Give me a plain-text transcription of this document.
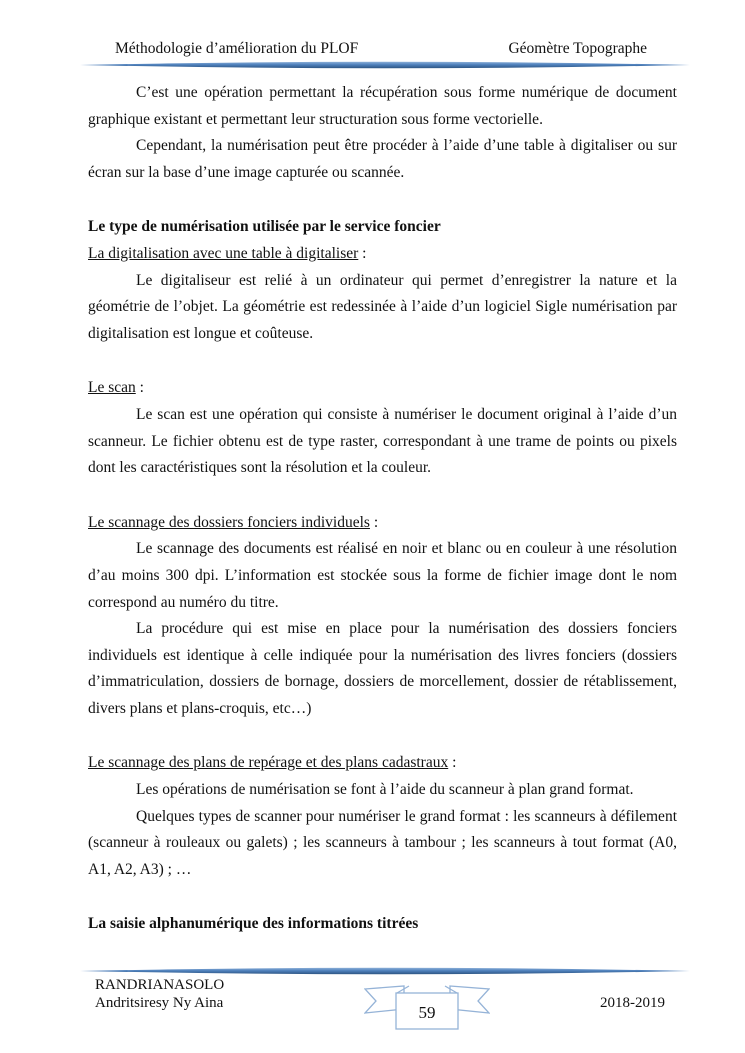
Méthodologie d’amélioration du PLOF	Géomètre Topographe

C’est une opération permettant la récupération sous forme numérique de document graphique existant et permettant leur structuration sous forme vectorielle.

Cependant, la numérisation peut être procéder à l’aide d’une table à digitaliser ou sur écran sur la base d’une image capturée ou scannée.

Le type de numérisation utilisée par le service foncier

La digitalisation avec une table à digitaliser :

Le digitaliseur est relié à un ordinateur qui permet d’enregistrer la nature et la géométrie de l’objet. La géométrie est redessinée à l’aide d’un logiciel Sigle numérisation par digitalisation est longue et coûteuse.

Le scan :

Le scan est une opération qui consiste à numériser le document original à l’aide d’un scanneur. Le fichier obtenu est de type raster, correspondant à une trame de points ou pixels dont les caractéristiques sont la résolution et la couleur.

Le scannage des dossiers fonciers individuels :

Le scannage des documents est réalisé en noir et blanc ou en couleur à une résolution d’au moins 300 dpi. L’information est stockée sous la forme de fichier image dont le nom correspond au numéro du titre.

La procédure qui est mise en place pour la numérisation des dossiers fonciers individuels est identique à celle indiquée pour la numérisation des livres fonciers (dossiers d’immatriculation, dossiers de bornage, dossiers de morcellement, dossier de rétablissement, divers plans et plans-croquis, etc…)

Le scannage des plans de repérage et des plans cadastraux :

Les opérations de numérisation se font à l’aide du scanneur à plan grand format.

Quelques types de scanner pour numériser le grand format : les scanneurs à défilement (scanneur à rouleaux ou galets) ; les scanneurs à tambour ; les scanneurs à tout format (A0, A1, A2, A3) ; …

La saisie alphanumérique des informations titrées

RANDRIANASOLO
Andritsiresy Ny Aina	59	2018-2019
